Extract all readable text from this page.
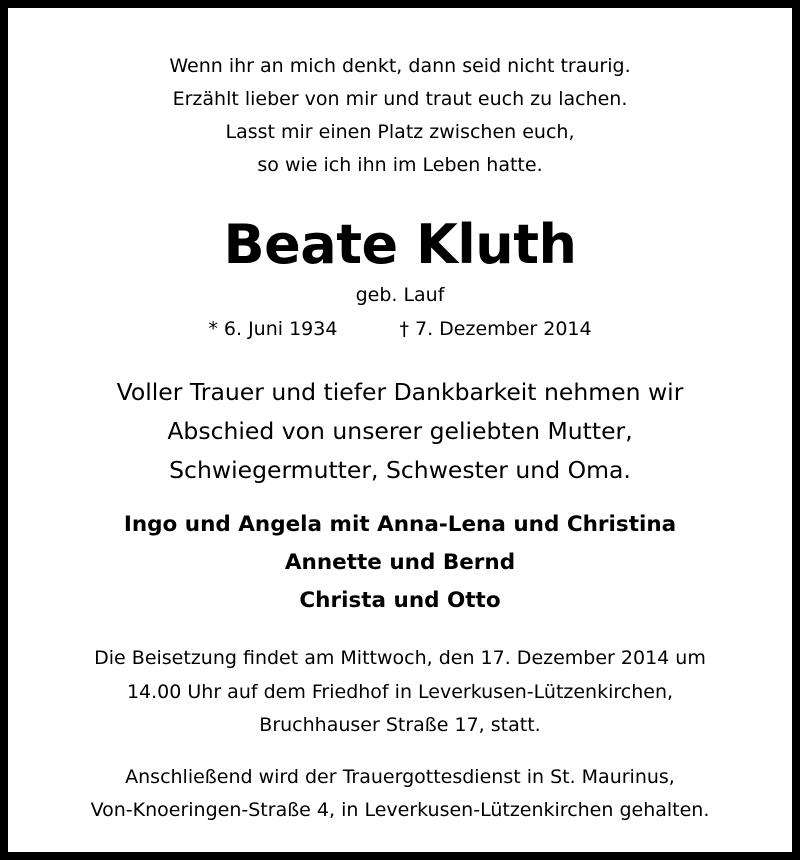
Wenn ihr an mich denkt, dann seid nicht traurig.
Erzählt lieber von mir und traut euch zu lachen.
Lasst mir einen Platz zwischen euch,
so wie ich ihn im Leben hatte.

Beate Kluth

geb. Lauf

* 6. Juni 1934	† 7. Dezember 2014

Voller Trauer und tiefer Dankbarkeit nehmen wir
Abschied von unserer geliebten Mutter,
Schwiegermutter, Schwester und Oma.

Ingo und Angela mit Anna-Lena und Christina
Annette und Bernd
Christa und Otto

Die Beisetzung findet am Mittwoch, den 17. Dezember 2014 um
14.00 Uhr auf dem Friedhof in Leverkusen-Lützenkirchen,
Bruchhauser Straße 17, statt.

Anschließend wird der Trauergottesdienst in St. Maurinus,
Von-Knoeringen-Straße 4, in Leverkusen-Lützenkirchen gehalten.
